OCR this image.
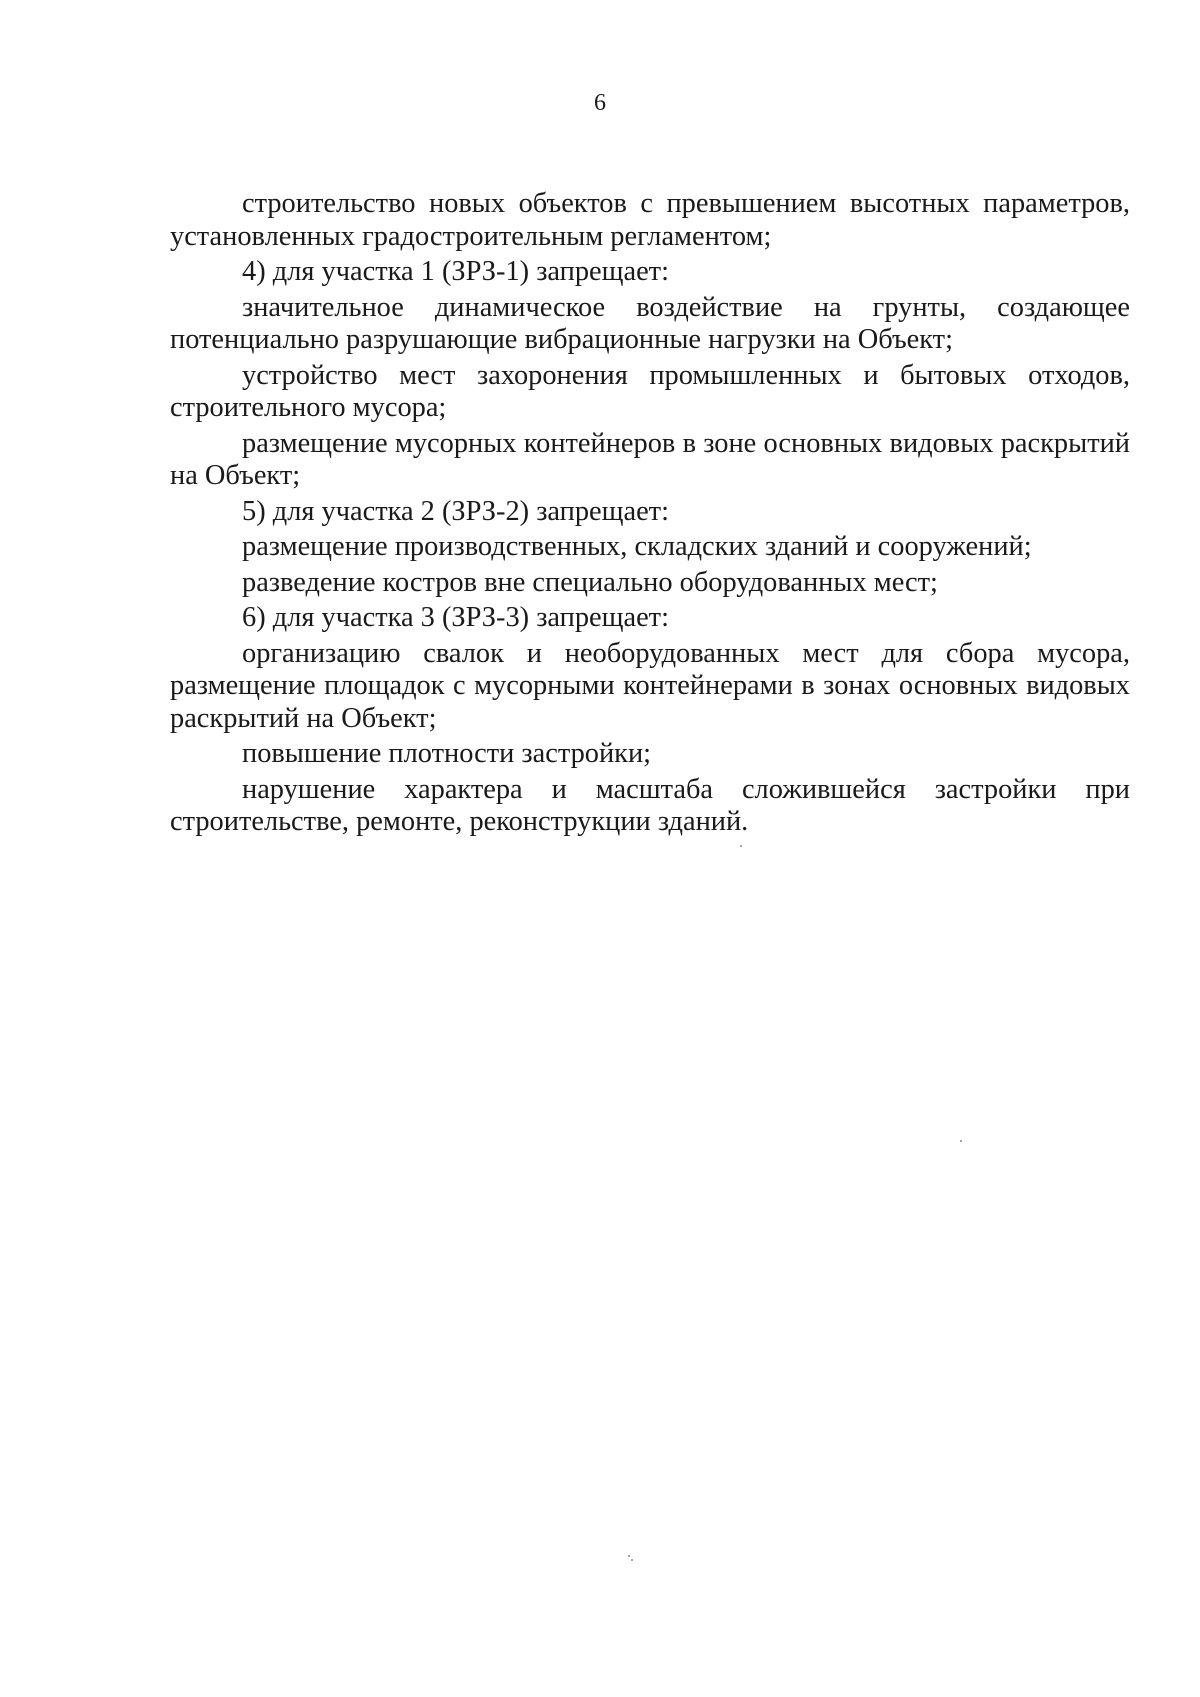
6

строительство новых объектов с превышением высотных параметров, установленных градостроительным регламентом;

4) для участка 1 (ЗРЗ-1) запрещает:

значительное динамическое воздействие на грунты, создающее потенциально разрушающие вибрационные нагрузки на Объект;

устройство мест захоронения промышленных и бытовых отходов, строительного мусора;

размещение мусорных контейнеров в зоне основных видовых раскрытий на Объект;

5) для участка 2 (ЗРЗ-2) запрещает:

размещение производственных, складских зданий и сооружений;

разведение костров вне специально оборудованных мест;

6) для участка 3 (ЗРЗ-3) запрещает:

организацию свалок и необорудованных мест для сбора мусора, размещение площадок с мусорными контейнерами в зонах основных видовых раскрытий на Объект;

повышение плотности застройки;

нарушение характера и масштаба сложившейся застройки при строительстве, ремонте, реконструкции зданий.
